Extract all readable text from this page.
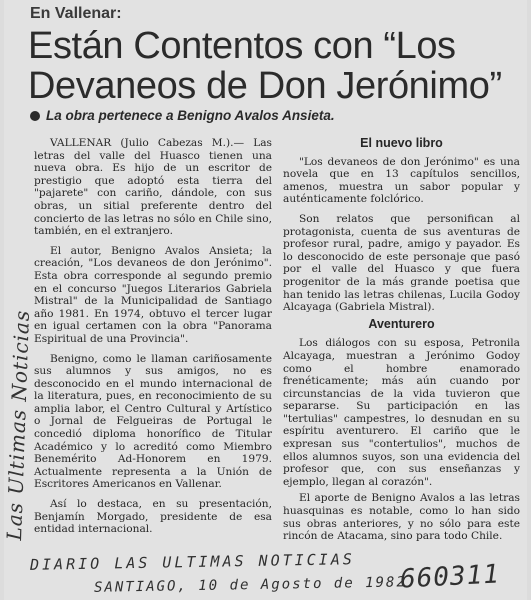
En Vallenar:
Están Contentos con “Los
Devaneos de Don Jerónimo”
La obra pertenece a Benigno Avalos Ansieta.

VALLENAR (Julio Cabezas M.).— Las letras del valle del Huasco tienen una nueva obra. Es hijo de un escritor de prestigio que adoptó esta tierra del "pajarete" con cariño, dándole, con sus obras, un sitial preferente dentro del concierto de las letras no sólo en Chile sino, también, en el extranjero.

El autor, Benigno Avalos Ansieta; la creación, "Los devaneos de don Jerónimo". Esta obra corresponde al segundo premio en el concurso "Juegos Literarios Gabriela Mistral" de la Municipalidad de Santiago año 1981. En 1974, obtuvo el tercer lugar en igual certamen con la obra "Panorama Espiritual de una Provincia".

Benigno, como le llaman cariñosamente sus alumnos y sus amigos, no es desconocido en el mundo internacional de la literatura, pues, en reconocimiento de su amplia labor, el Centro Cultural y Artístico o Jornal de Felgueiras de Portugal le concedió diploma honorífico de Titular Académico y lo acreditó como Miembro Benemérito Ad-Honorem en 1979. Actualmente representa a la Unión de Escritores Americanos en Vallenar.

Así lo destaca, en su presentación, Benjamín Morgado, presidente de esa entidad internacional.

El nuevo libro

"Los devaneos de don Jerónimo" es una novela que en 13 capítulos sencillos, amenos, muestra un sabor popular y auténticamente folclórico.

Son relatos que personifican al protagonista, cuenta de sus aventuras de profesor rural, padre, amigo y payador. Es lo desconocido de este personaje que pasó por el valle del Huasco y que fuera progenitor de la más grande poetisa que han tenido las letras chilenas, Lucila Godoy Alcayaga (Gabriela Mistral).

Aventurero

Los diálogos con su esposa, Petronila Alcayaga, muestran a Jerónimo Godoy como el hombre enamorado frenéticamente; más aún cuando por circunstancias de la vida tuvieron que separarse. Su participación en las "tertulias" campestres, lo desnudan en su espíritu aventurero. El cariño que le expresan sus "contertulios", muchos de ellos alumnos suyos, son una evidencia del profesor que, con sus enseñanzas y ejemplo, llegan al corazón".

El aporte de Benigno Avalos a las letras huasquinas es notable, como lo han sido sus obras anteriores, y no sólo para este rincón de Atacama, sino para todo Chile.

Las Ultimas Noticias
DIARIO LAS ULTIMAS NOTICIAS
SANTIAGO, 10 de Agosto de 1982.
660311
